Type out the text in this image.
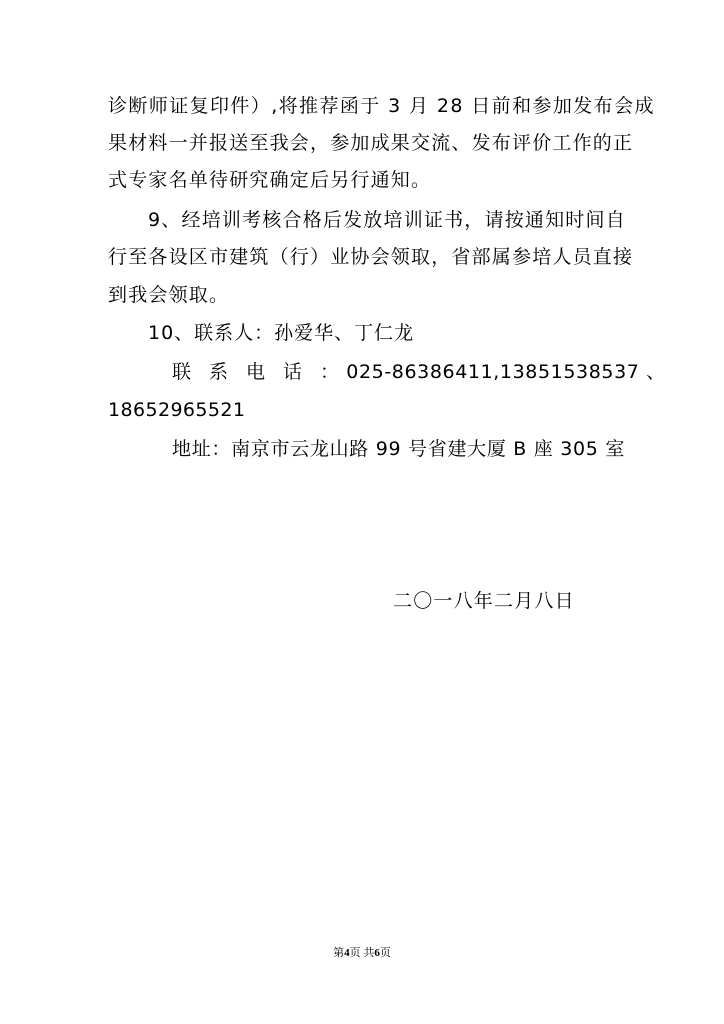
诊断师证复印件）,将推荐函于 3 月 28 日前和参加发布会成
果材料一并报送至我会，参加成果交流、发布评价工作的正
式专家名单待研究确定后另行通知。
9、经培训考核合格后发放培训证书，请按通知时间自
行至各设区市建筑（行）业协会领取，省部属参培人员直接
到我会领取。
10、联系人：孙爱华、丁仁龙
联系电话： 025-86386411,13851538537 、
18652965521
地址：南京市云龙山路 99 号省建大厦 B 座 305 室
二〇一八年二月八日
第4页 共6页
